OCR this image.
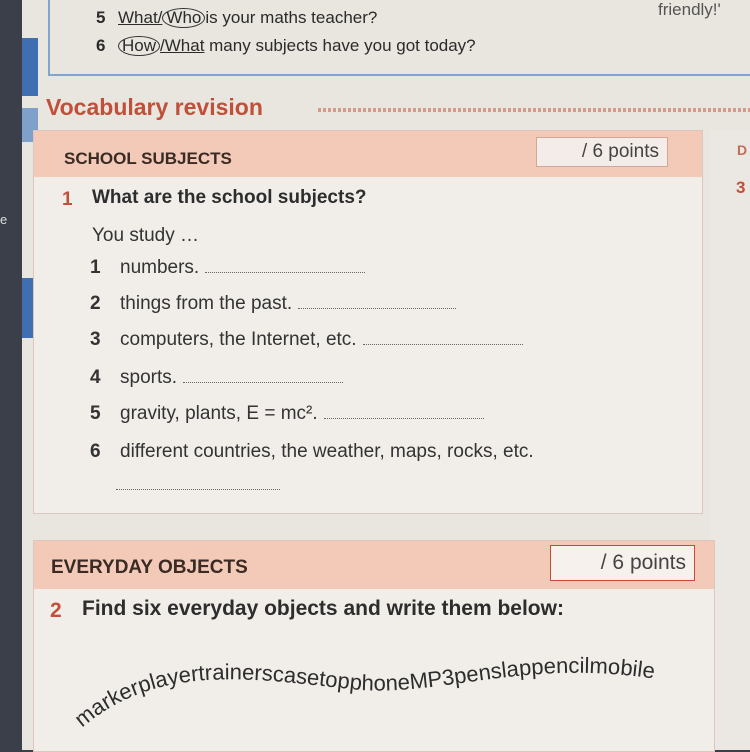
e
5 What/ Who is your maths teacher?
6 How /What many subjects have you got today?
friendly!'
Vocabulary revision
D
3
SCHOOL SUBJECTS	/ 6 points
1 What are the school subjects?
You study …
1 numbers.
2 things from the past.
3 computers, the Internet, etc.
4 sports.
5 gravity, plants, E = mc².
6 different countries, the weather, maps, rocks, etc.
EVERYDAY OBJECTS	/ 6 points
2 Find six everyday objects and write them below:
markerplayertrainerscasetopphoneMP3penslappencilmobile
